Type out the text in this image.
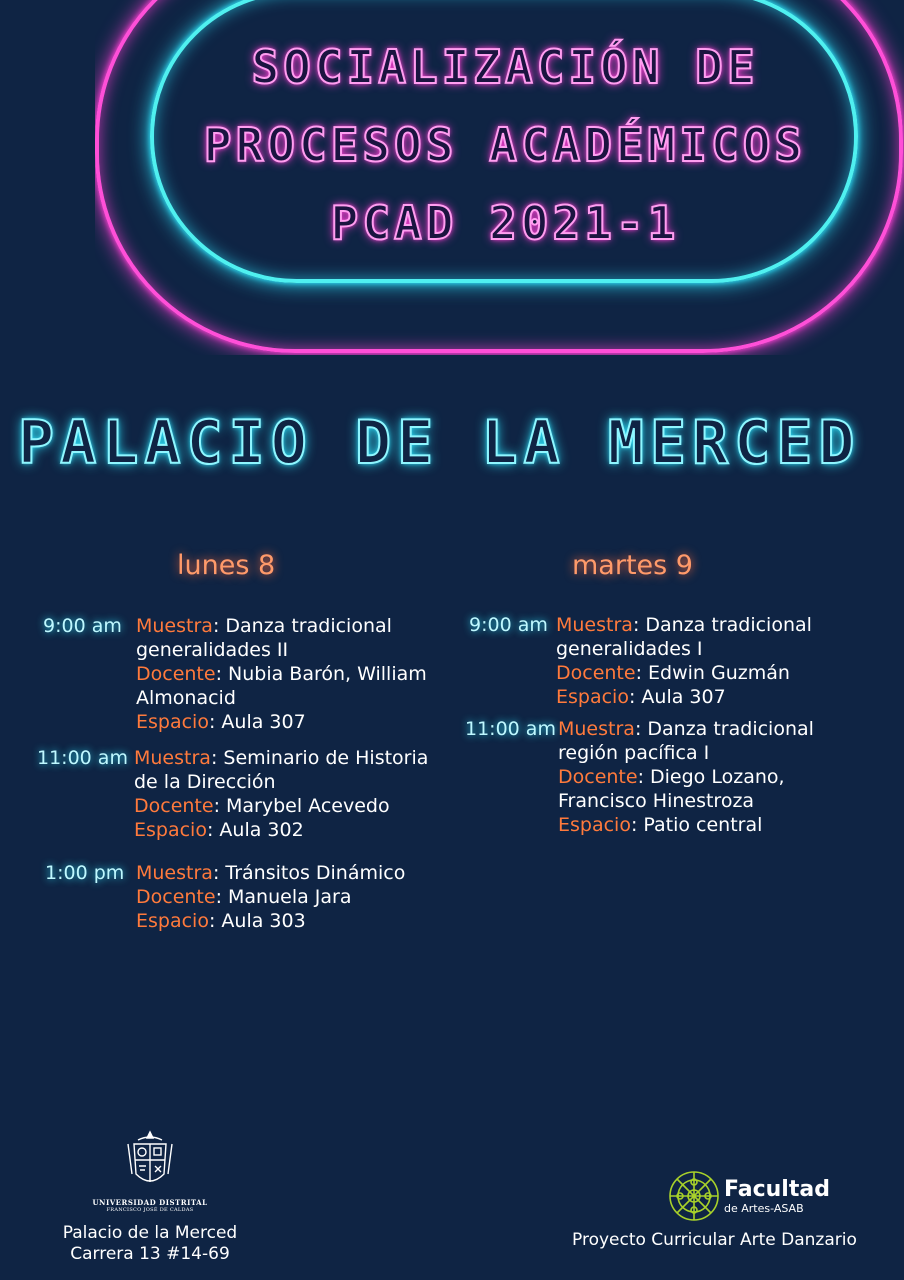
SOCIALIZACIÓN DE
PROCESOS ACADÉMICOS
PCAD 2021-1
PALACIO DE LA MERCED
lunes 8
9:00 am Muestra: Danza tradicional generalidades II
Docente: Nubia Barón, William Almonacid
Espacio: Aula 307
11:00 am Muestra: Seminario de Historia de la Dirección
Docente: Marybel Acevedo
Espacio: Aula 302
1:00 pm Muestra: Tránsitos Dinámico
Docente: Manuela Jara
Espacio: Aula 303
martes 9
9:00 am Muestra: Danza tradicional generalidades I
Docente: Edwin Guzmán
Espacio: Aula 307
11:00 am Muestra: Danza tradicional región pacífica I
Docente: Diego Lozano, Francisco Hinestroza
Espacio: Patio central
UNIVERSIDAD DISTRITAL
FRANCISCO JOSÉ DE CALDAS
Palacio de la Merced
Carrera 13 #14-69
Facultad
de Artes-ASAB
Proyecto Curricular Arte Danzario
